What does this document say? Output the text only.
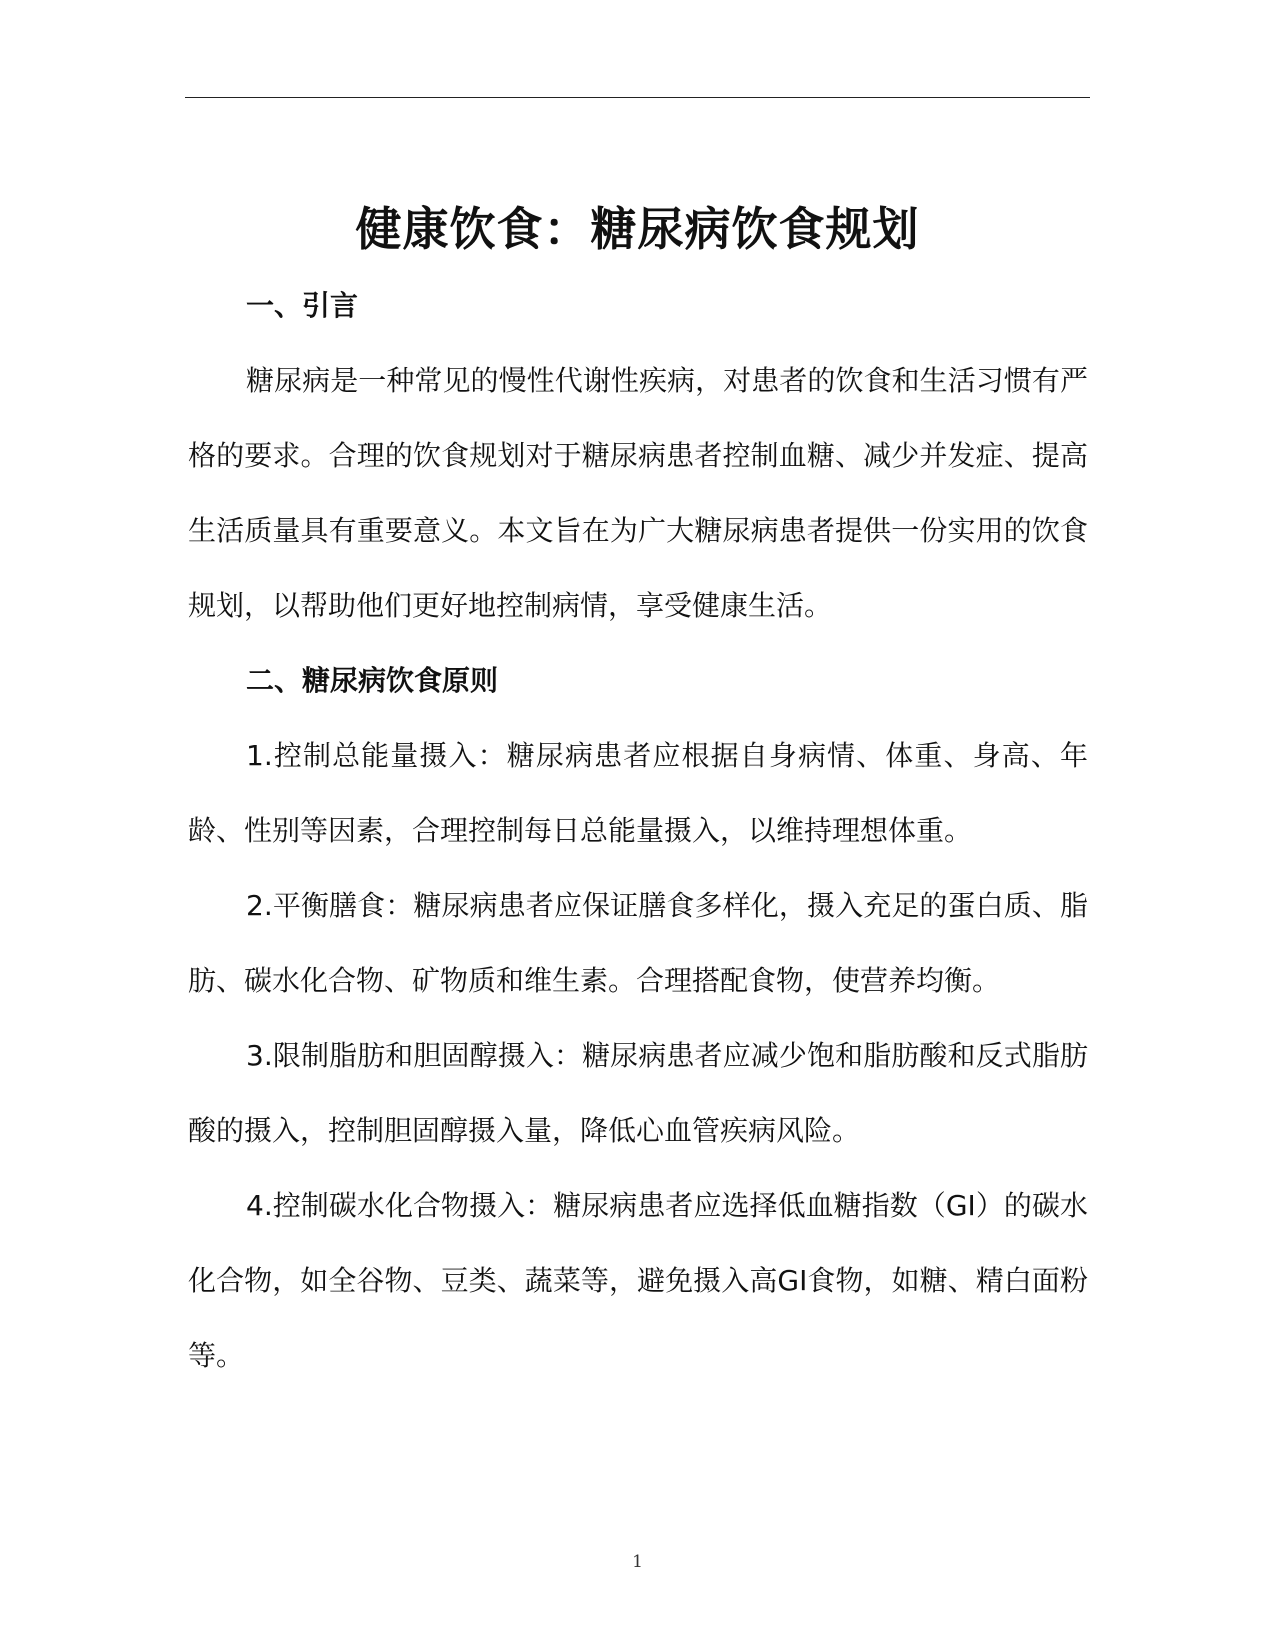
健康饮食：糖尿病饮食规划
一、引言

糖尿病是一种常见的慢性代谢性疾病，对患者的饮食和生活习惯有严格的要求。合理的饮食规划对于糖尿病患者控制血糖、减少并发症、提高生活质量具有重要意义。本文旨在为广大糖尿病患者提供一份实用的饮食规划，以帮助他们更好地控制病情，享受健康生活。

二、糖尿病饮食原则

1.控制总能量摄入：糖尿病患者应根据自身病情、体重、身高、年龄、性别等因素，合理控制每日总能量摄入，以维持理想体重。

2.平衡膳食：糖尿病患者应保证膳食多样化，摄入充足的蛋白质、脂肪、碳水化合物、矿物质和维生素。合理搭配食物，使营养均衡。

3.限制脂肪和胆固醇摄入：糖尿病患者应减少饱和脂肪酸和反式脂肪酸的摄入，控制胆固醇摄入量，降低心血管疾病风险。

4.控制碳水化合物摄入：糖尿病患者应选择低血糖指数（GI）的碳水化合物，如全谷物、豆类、蔬菜等，避免摄入高GI食物，如糖、精白面粉等。

1
